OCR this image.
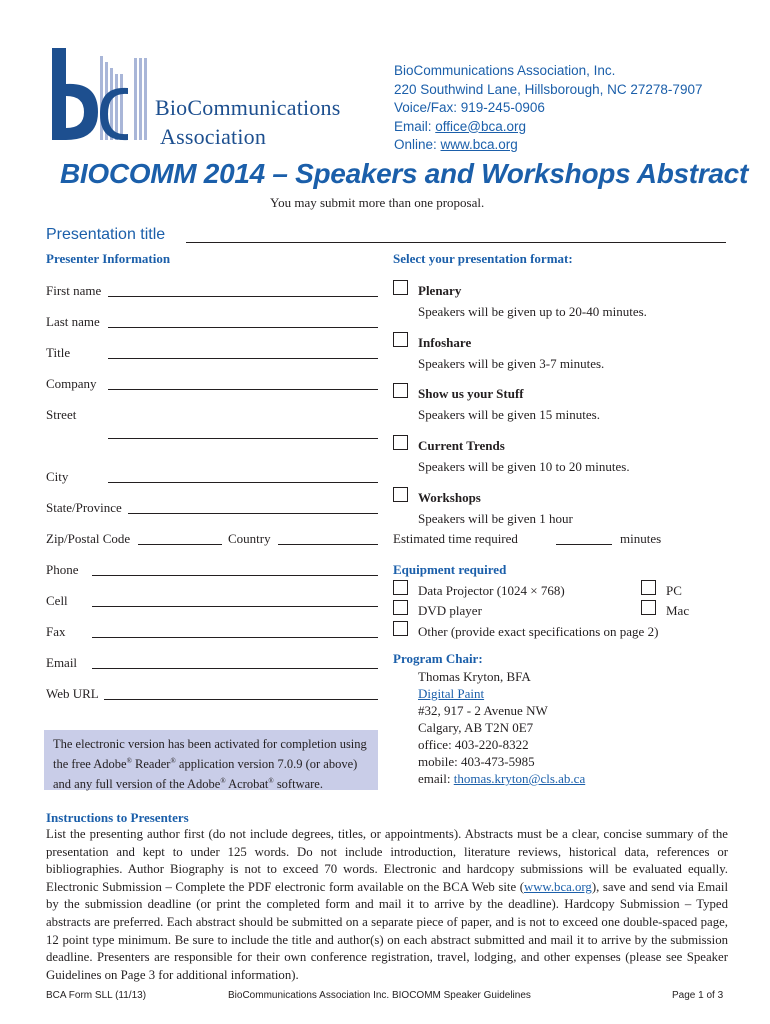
BioCommunications
Association
BioCommunications Association, Inc.
220 Southwind Lane, Hillsborough, NC 27278-7907
Voice/Fax: 919-245-0906
Email: office@bca.org
Online: www.bca.org
BIOCOMM 2014 – Speakers and Workshops Abstract
You may submit more than one proposal.
Presentation title
Presenter Information
First name
Last name
Title
Company
Street
City
State/Province
Zip/Postal Code	Country
Phone
Cell
Fax
Email
Web URL
The electronic version has been activated for completion using the free Adobe® Reader® application version 7.0.9 (or above) and any full version of the Adobe® Acrobat® software.
Select your presentation format:
Plenary
Speakers will be given up to 20-40 minutes.
Infoshare
Speakers will be given 3-7 minutes.
Show us your Stuff
Speakers will be given 15 minutes.
Current Trends
Speakers will be given 10 to 20 minutes.
Workshops
Speakers will be given 1 hour
Estimated time required	minutes
Equipment required
Data Projector (1024 × 768)	PC
DVD player	Mac
Other (provide exact specifications on page 2)
Program Chair:
Thomas Kryton, BFA
Digital Paint
#32, 917 - 2 Avenue NW
Calgary, AB T2N 0E7
office: 403-220-8322
mobile: 403-473-5985
email: thomas.kryton@cls.ab.ca
Instructions to Presenters
List the presenting author first (do not include degrees, titles, or appointments). Abstracts must be a clear, concise summary of the presentation and kept to under 125 words. Do not include introduction, literature reviews, historical data, references or bibliographies. Author Biography is not to exceed 70 words. Electronic and hardcopy submissions will be evaluated equally. Electronic Submission – Complete the PDF electronic form available on the BCA Web site (www.bca.org), save and send via Email by the submission deadline (or print the completed form and mail it to arrive by the deadline). Hardcopy Submission – Typed abstracts are preferred. Each abstract should be submitted on a separate piece of paper, and is not to exceed one double-spaced page, 12 point type minimum. Be sure to include the title and author(s) on each abstract submitted and mail it to arrive by the submission deadline. Presenters are responsible for their own conference registration, travel, lodging, and other expenses (please see Speaker Guidelines on Page 3 for additional information).
BCA Form SLL (11/13)	BioCommunications Association Inc. BIOCOMM Speaker Guidelines	Page 1 of 3
